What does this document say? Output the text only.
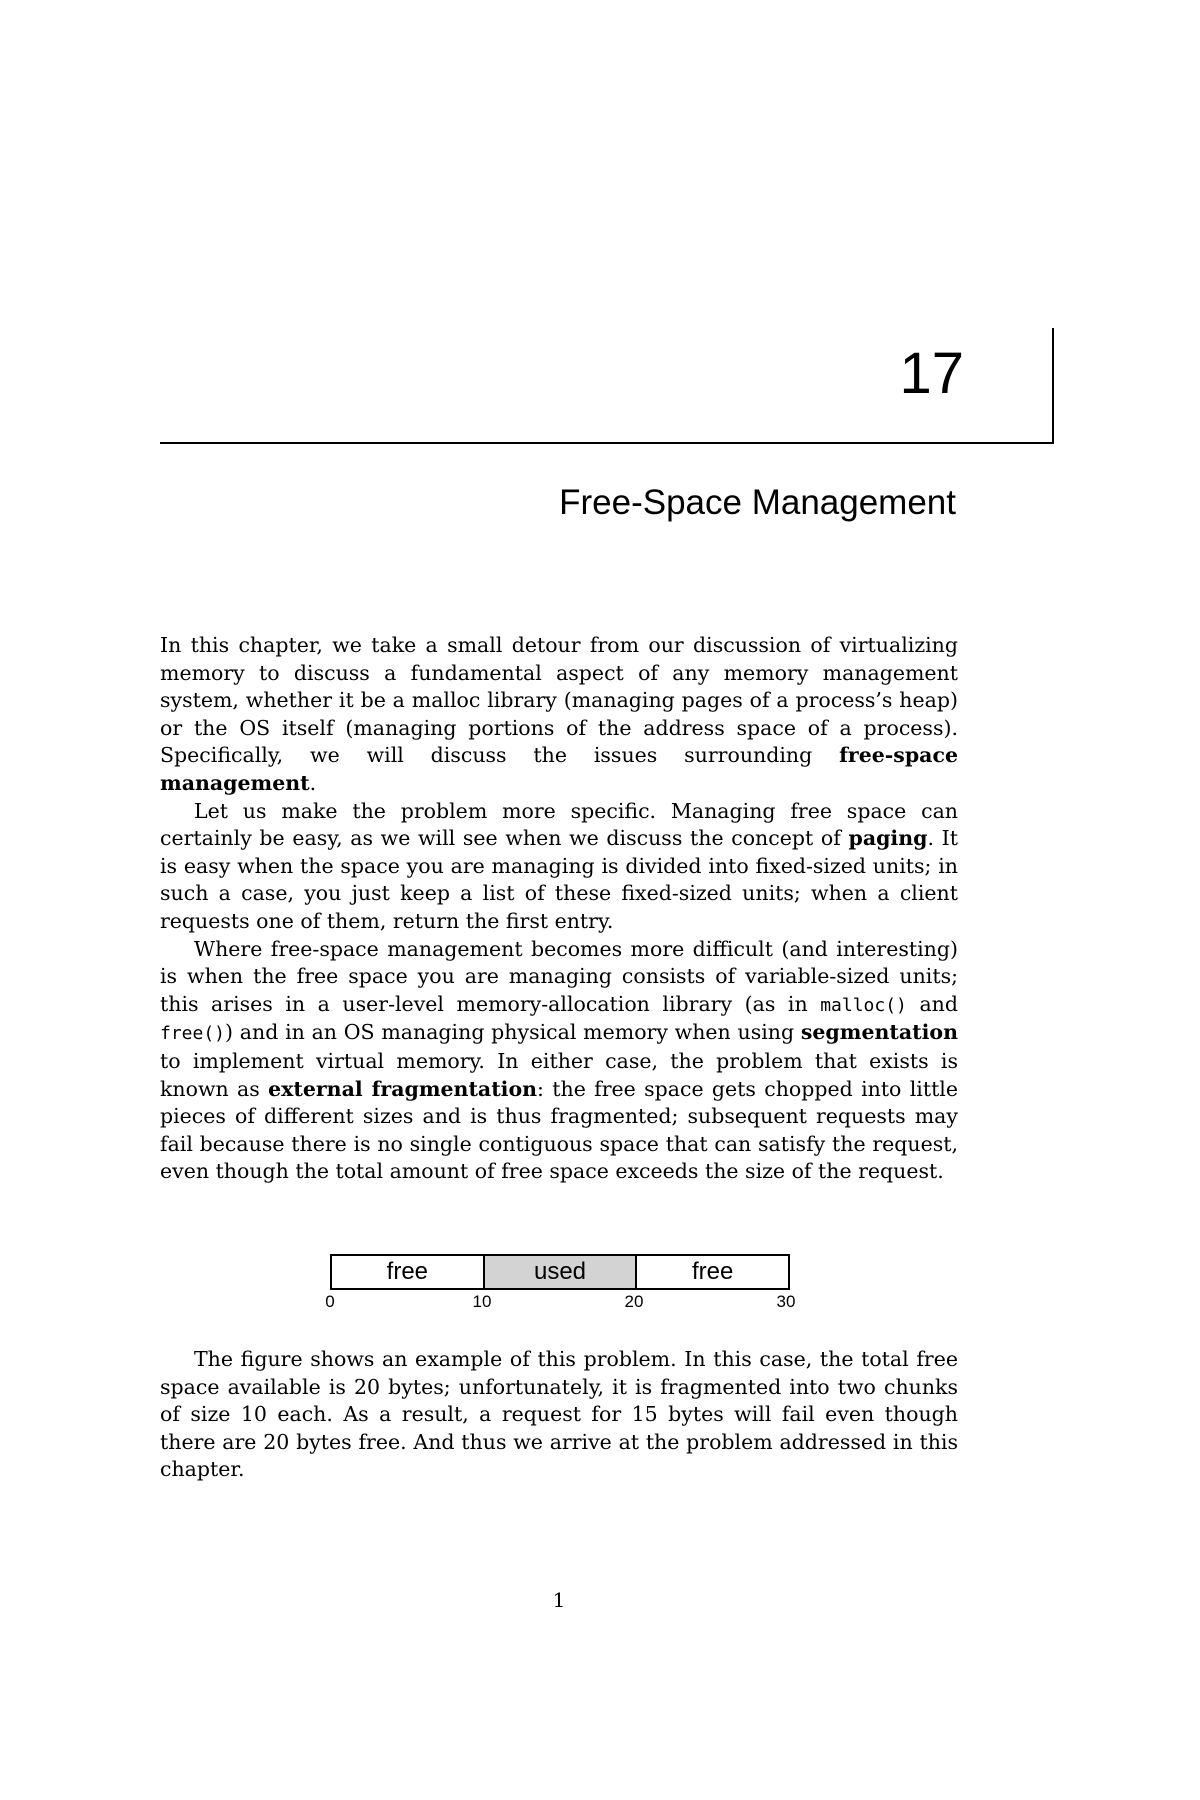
17
Free-Space Management

In this chapter, we take a small detour from our discussion of virtualizing memory to discuss a fundamental aspect of any memory management system, whether it be a malloc library (managing pages of a process’s heap) or the OS itself (managing portions of the address space of a process). Specifically, we will discuss the issues surrounding free-space management.

Let us make the problem more specific. Managing free space can certainly be easy, as we will see when we discuss the concept of paging. It is easy when the space you are managing is divided into fixed-sized units; in such a case, you just keep a list of these fixed-sized units; when a client requests one of them, return the first entry.

Where free-space management becomes more difficult (and interesting) is when the free space you are managing consists of variable-sized units; this arises in a user-level memory-allocation library (as in malloc() and free()) and in an OS managing physical memory when using segmentation to implement virtual memory. In either case, the problem that exists is known as external fragmentation: the free space gets chopped into little pieces of different sizes and is thus fragmented; subsequent requests may fail because there is no single contiguous space that can satisfy the request, even though the total amount of free space exceeds the size of the request.

free	used	free
0	10	20	30

The figure shows an example of this problem. In this case, the total free space available is 20 bytes; unfortunately, it is fragmented into two chunks of size 10 each. As a result, a request for 15 bytes will fail even though there are 20 bytes free. And thus we arrive at the problem addressed in this chapter.

1
